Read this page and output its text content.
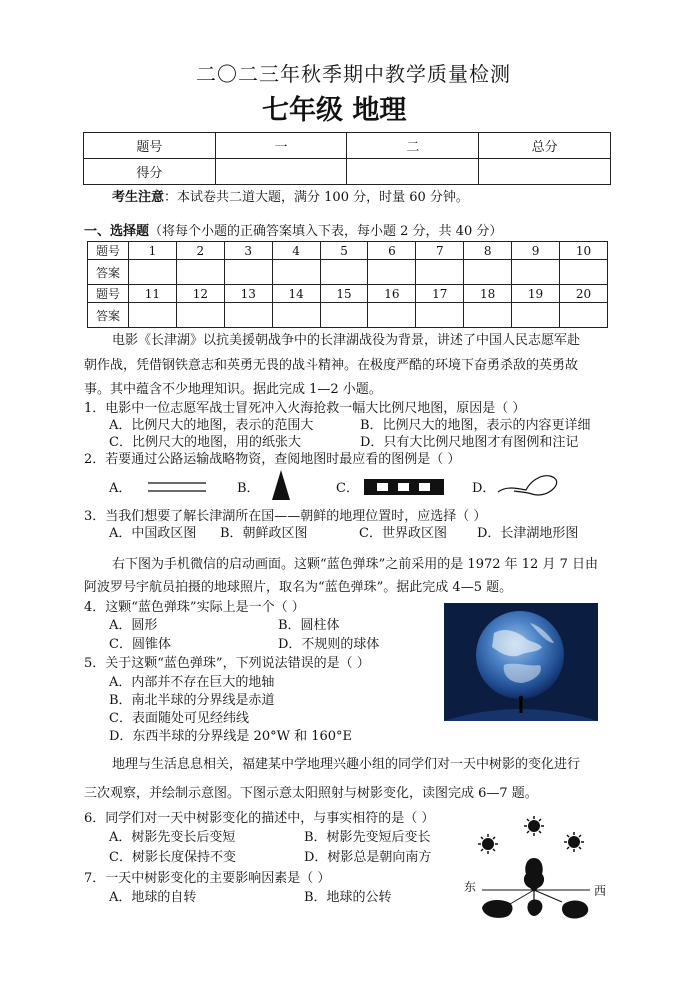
二〇二三年秋季期中教学质量检测
七年级 地理
题号	一	二	总分
得分			
考生注意：本试卷共二道大题，满分 100 分，时量 60 分钟。
一、选择题（将每个小题的正确答案填入下表，每小题 2 分，共 40 分）
题号	1	2	3	4	5	6	7	8	9	10
答案										
题号	11	12	13	14	15	16	17	18	19	20
答案										
电影《长津湖》以抗美援朝战争中的长津湖战役为背景，讲述了中国人民志愿军赴
朝作战，凭借钢铁意志和英勇无畏的战斗精神。在极度严酷的环境下奋勇杀敌的英勇故
事。其中蕴含不少地理知识。据此完成 1—2 小题。
1．电影中一位志愿军战士冒死冲入火海抢救一幅大比例尺地图，原因是（ ）
A．比例尺大的地图，表示的范围大	B．比例尺大的地图，表示的内容更详细
C．比例尺大的地图，用的纸张大	D．只有大比例尺地图才有图例和注记
2．若要通过公路运输战略物资，查阅地图时最应看的图例是（ ）
A．	B．	C．	D．
3．当我们想要了解长津湖所在国——朝鲜的地理位置时，应选择（ ）
A．中国政区图 B．朝鲜政区图	C．世界政区图 D．长津湖地形图
右下图为手机微信的启动画面。这颗“蓝色弹珠”之前采用的是 1972 年 12 月 7 日由
阿波罗号宇航员拍摄的地球照片，取名为“蓝色弹珠”。据此完成 4—5 题。
4．这颗“蓝色弹珠”实际上是一个（ ）
A．圆形	B．圆柱体
C．圆锥体	D．不规则的球体
5．关于这颗“蓝色弹珠”，下列说法错误的是（ ）
A．内部并不存在巨大的地轴
B．南北半球的分界线是赤道
C．表面随处可见经纬线
D．东西半球的分界线是 20°W 和 160°E
地理与生活息息相关，福建某中学地理兴趣小组的同学们对一天中树影的变化进行
三次观察，并绘制示意图。下图示意太阳照射与树影变化，读图完成 6—7 题。
6．同学们对一天中树影变化的描述中，与事实相符的是（ ）
A．树影先变长后变短	B．树影先变短后变长
C．树影长度保持不变	D．树影总是朝向南方
7．一天中树影变化的主要影响因素是（ ）
A．地球的自转	B．地球的公转
东	西
